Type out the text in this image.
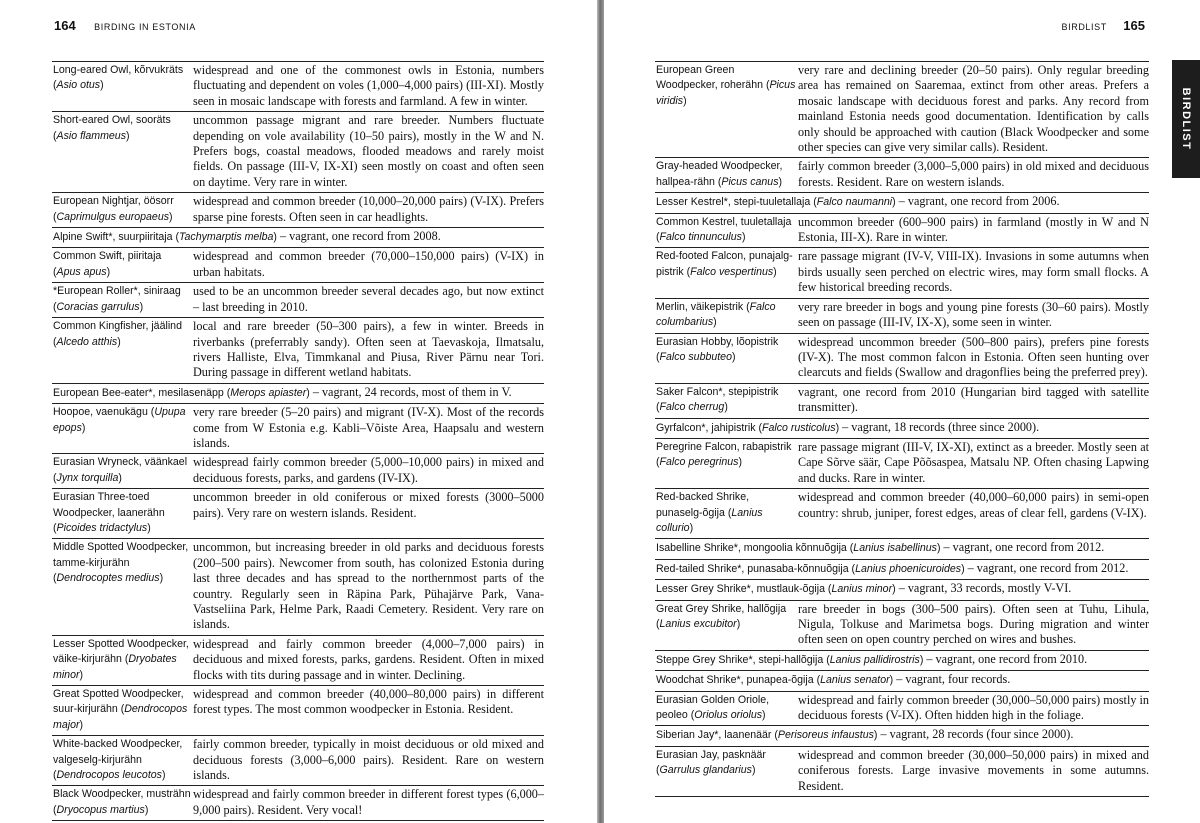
164 BIRDING IN ESTONIA
Long-eared Owl, kõrvukräts (Asio otus)
widespread and one of the commonest owls in Estonia, numbers fluctuating and dependent on voles (1,000–4,000 pairs) (III-XI). Mostly seen in mosaic landscape with forests and farmland. A few in winter.
Short-eared Owl, sooräts (Asio flammeus)
uncommon passage migrant and rare breeder. Numbers fluctuate depending on vole availability (10–50 pairs), mostly in the W and N. Prefers bogs, coastal meadows, flooded meadows and rarely moist fields. On passage (III-V, IX-XI) seen mostly on coast and often seen on daytime. Very rare in winter.
European Nightjar, öösorr (Caprimulgus europaeus)
widespread and common breeder (10,000–20,000 pairs) (V-IX). Prefers sparse pine forests. Often seen in car headlights.
Alpine Swift*, suurpiiritaja (Tachymarptis melba) – vagrant, one record from 2008.
Common Swift, piiritaja (Apus apus)
widespread and common breeder (70,000–150,000 pairs) (V-IX) in urban habitats.
*European Roller*, siniraag (Coracias garrulus)
used to be an uncommon breeder several decades ago, but now extinct – last breeding in 2010.
Common Kingfisher, jäälind (Alcedo atthis)
local and rare breeder (50–300 pairs), a few in winter. Breeds in riverbanks (preferrably sandy). Often seen at Taevaskoja, Ilmatsalu, rivers Halliste, Elva, Timmkanal and Piusa, River Pärnu near Tori. During passage in different wetland habitats.
European Bee-eater*, mesilasenäpp (Merops apiaster) – vagrant, 24 records, most of them in V.
Hoopoe, vaenukägu (Upupa epops)
very rare breeder (5–20 pairs) and migrant (IV-X). Most of the records come from W Estonia e.g. Kabli–Võiste Area, Haapsalu and western islands.
Eurasian Wryneck, väänkael (Jynx torquilla)
widespread fairly common breeder (5,000–10,000 pairs) in mixed and deciduous forests, parks, and gardens (IV-IX).
Eurasian Three-toed Woodpecker, laanerähn (Picoides tridactylus)
uncommon breeder in old coniferous or mixed forests (3000–5000 pairs). Very rare on western islands. Resident.
Middle Spotted Woodpecker, tamme-kirjurähn (Dendrocoptes medius)
uncommon, but increasing breeder in old parks and deciduous forests (200–500 pairs). Newcomer from south, has colonized Estonia during last three decades and has spread to the northernmost parts of the country. Regularly seen in Räpina Park, Pühajärve Park, Vana-Vastseliina Park, Helme Park, Raadi Cemetery. Resident. Very rare on islands.
Lesser Spotted Woodpecker, väike-kirjurähn (Dryobates minor)
widespread and fairly common breeder (4,000–7,000 pairs) in deciduous and mixed forests, parks, gardens. Resident. Often in mixed flocks with tits during passage and in winter. Declining.
Great Spotted Woodpecker, suur-kirjurähn (Dendrocopos major)
widespread and common breeder (40,000–80,000 pairs) in different forest types. The most common woodpecker in Estonia. Resident.
White-backed Woodpecker, valgeselg-kirjurähn (Dendrocopos leucotos)
fairly common breeder, typically in moist deciduous or old mixed and deciduous forests (3,000–6,000 pairs). Resident. Rare on western islands.
Black Woodpecker, musträhn (Dryocopus martius)
widespread and fairly common breeder in different forest types (6,000–9,000 pairs). Resident. Very vocal!
BIRDLIST 165
BIRDLIST
European Green Woodpecker, roherähn (Picus viridis)
very rare and declining breeder (20–50 pairs). Only regular breeding area has remained on Saaremaa, extinct from other areas. Prefers a mosaic landscape with deciduous forest and parks. Any record from mainland Estonia needs good documentation. Identification by calls only should be approached with caution (Black Woodpecker and some other species can give very similar calls). Resident.
Gray-headed Woodpecker, hallpea-rähn (Picus canus)
fairly common breeder (3,000–5,000 pairs) in old mixed and deciduous forests. Resident. Rare on western islands.
Lesser Kestrel*, stepi-tuuletallaja (Falco naumanni) – vagrant, one record from 2006.
Common Kestrel, tuuletallaja (Falco tinnunculus)
uncommon breeder (600–900 pairs) in farmland (mostly in W and N Estonia, III-X). Rare in winter.
Red-footed Falcon, punajalg-pistrik (Falco vespertinus)
rare passage migrant (IV-V, VIII-IX). Invasions in some autumns when birds usually seen perched on electric wires, may form small flocks. A few historical breeding records.
Merlin, väikepistrik (Falco columbarius)
very rare breeder in bogs and young pine forests (30–60 pairs). Mostly seen on passage (III-IV, IX-X), some seen in winter.
Eurasian Hobby, lõopistrik (Falco subbuteo)
widespread uncommon breeder (500–800 pairs), prefers pine forests (IV-X). The most common falcon in Estonia. Often seen hunting over clearcuts and fields (Swallow and dragonflies being the preferred prey).
Saker Falcon*, stepipistrik (Falco cherrug)
vagrant, one record from 2010 (Hungarian bird tagged with satellite transmitter).
Gyrfalcon*, jahipistrik (Falco rusticolus) – vagrant, 18 records (three since 2000).
Peregrine Falcon, rabapistrik (Falco peregrinus)
rare passage migrant (III-V, IX-XI), extinct as a breeder. Mostly seen at Cape Sõrve säär, Cape Põõsaspea, Matsalu NP. Often chasing Lapwing and ducks. Rare in winter.
Red-backed Shrike, punaselg-õgija (Lanius collurio)
widespread and common breeder (40,000–60,000 pairs) in semi-open country: shrub, juniper, forest edges, areas of clear fell, gardens (V-IX).
Isabelline Shrike*, mongoolia kõnnuõgija (Lanius isabellinus) – vagrant, one record from 2012.
Red-tailed Shrike*, punasaba-kõnnuõgija (Lanius phoenicuroides) – vagrant, one record from 2012.
Lesser Grey Shrike*, mustlauk-õgija (Lanius minor) – vagrant, 33 records, mostly V-VI.
Great Grey Shrike, hallõgija (Lanius excubitor)
rare breeder in bogs (300–500 pairs). Often seen at Tuhu, Lihula, Nigula, Tolkuse and Marimetsa bogs. During migration and winter often seen on open country perched on wires and bushes.
Steppe Grey Shrike*, stepi-hallõgija (Lanius pallidirostris) – vagrant, one record from 2010.
Woodchat Shrike*, punapea-õgija (Lanius senator) – vagrant, four records.
Eurasian Golden Oriole, peoleo (Oriolus oriolus)
widespread and fairly common breeder (30,000–50,000 pairs) mostly in deciduous forests (V-IX). Often hidden high in the foliage.
Siberian Jay*, laanenäär (Perisoreus infaustus) – vagrant, 28 records (four since 2000).
Eurasian Jay, pasknäär (Garrulus glandarius)
widespread and common breeder (30,000–50,000 pairs) in mixed and coniferous forests. Large invasive movements in some autumns. Resident.
